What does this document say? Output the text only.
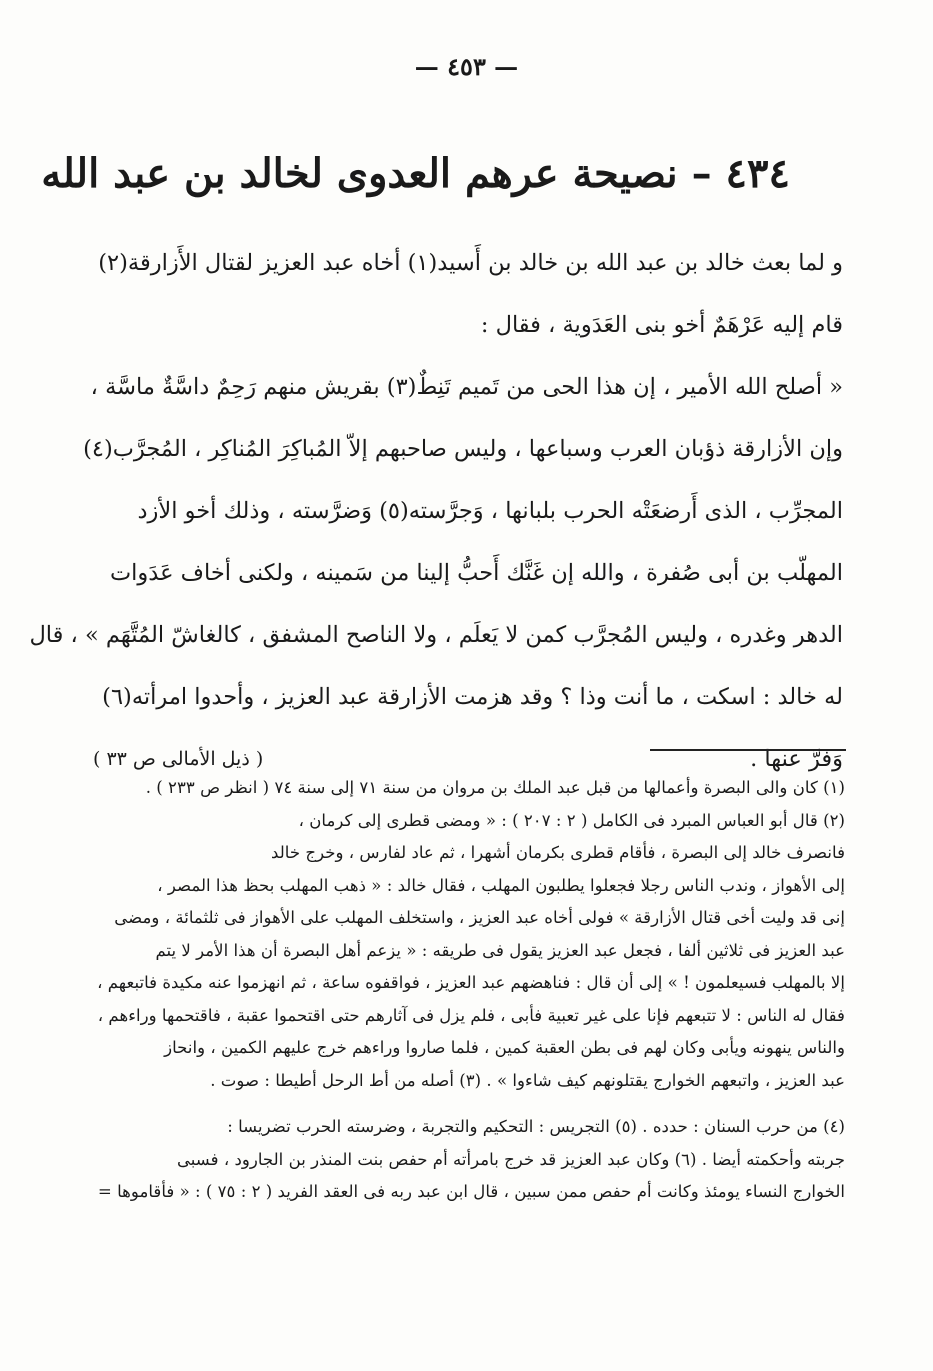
— ٤٥٣ —
٤٣٤ – نصيحة عرهم العدوى لخالد بن عبد الله
و لما بعث خالد بن عبد الله بن خالد بن أَسيد(١) أخاه عبد العزيز لقتال الأَزارقة(٢)
قام إليه عَرْهَمٌ أخو بنى العَدَوية ، فقال :
« أصلح الله الأمير ، إن هذا الحى من تَميم تَنِطٌ(٣) بقريش منهم رَحِمٌ داسَّةٌ ماسَّة ،
وإن الأزارقة ذؤبان العرب وسباعها ، وليس صاحبهم إلاّ المُباكِرَ المُناكِر ، المُجرَّب(٤)
المجرِّب ، الذى أَرضعَتْه الحرب بلبانها ، وَجرَّسته(٥) وَضرَّسته ، وذلك أخو الأزد
المهلّب بن أبى صُفرة ، والله إن غَنَّك أَحبُّ إلينا من سَمينه ، ولكنى أخاف عَدَوات
الدهر وغدره ، وليس المُجرَّب كمن لا يَعلَم ، ولا الناصح المشفق ، كالغاشّ المُتَّهَم » ، قال
له خالد : اسكت ، ما أنت وذا ؟ وقد هزمت الأزارقة عبد العزيز ، وأحدوا امرأته(٦)
وَفرَّ عنها .
( ذيل الأمالى ص ٣٣ )
(١) كان والى البصرة وأعمالها من قبل عبد الملك بن مروان من سنة ٧١ إلى سنة ٧٤ ( انظر ص ٢٣٣ ) .
(٢) قال أبو العباس المبرد فى الكامل ( ٢ : ٢٠٧ ) : « ومضى قطرى إلى كرمان ،
فانصرف خالد إلى البصرة ، فأقام قطرى بكرمان أشهرا ، ثم عاد لفارس ، وخرج خالد
إلى الأهواز ، وندب الناس رجلا فجعلوا يطلبون المهلب ، فقال خالد : « ذهب المهلب بحظ هذا المصر ،
إنى قد وليت أخى قتال الأزارقة » فولى أخاه عبد العزيز ، واستخلف المهلب على الأهواز فى ثلثمائة ، ومضى
عبد العزيز فى ثلاثين ألفا ، فجعل عبد العزيز يقول فى طريقه : « يزعم أهل البصرة أن هذا الأمر لا يتم
إلا بالمهلب فسيعلمون ! » إلى أن قال : فناهضهم عبد العزيز ، فواقفوه ساعة ، ثم انهزموا عنه مكيدة فاتبعهم ،
فقال له الناس : لا تتبعهم فإنا على غير تعبية فأبى ، فلم يزل فى آثارهم حتى اقتحموا عقبة ، فاقتحمها وراءهم ،
والناس ينهونه ويأبى وكان لهم فى بطن العقبة كمين ، فلما صاروا وراءهم خرج عليهم الكمين ، وانحاز
عبد العزيز ، واتبعهم الخوارج يقتلونهم كيف شاءوا » . (٣) أصله من أط الرحل أطيطا : صوت .
(٤) من حرب السنان : حدده . (٥) التجريس : التحكيم والتجربة ، وضرسته الحرب تضريسا :
جربته وأحكمته أيضا . (٦) وكان عبد العزيز قد خرج بامرأته أم حفص بنت المنذر بن الجارود ، فسبى
الخوارج النساء يومئذ وكانت أم حفص ممن سبين ، قال ابن عبد ربه فى العقد الفريد ( ٢ : ٧٥ ) : « فأقاموها =
